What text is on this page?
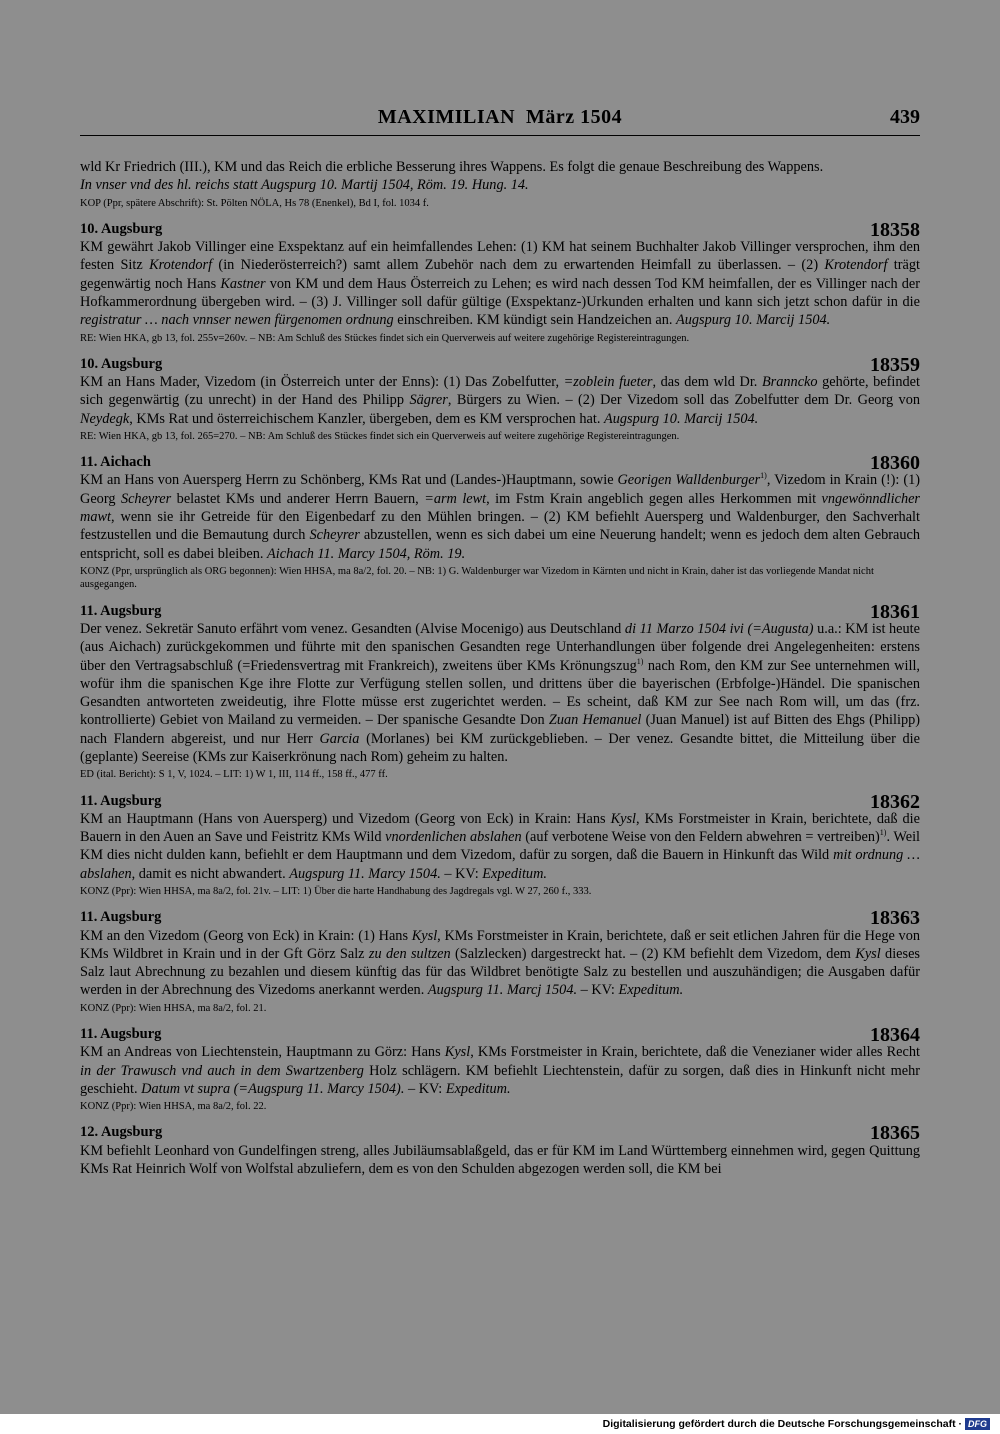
MAXIMILIAN  März 1504	439

wld Kr Friedrich (III.), KM und das Reich die erbliche Besserung ihres Wappens. Es folgt die genaue Beschreibung des Wappens.
In vnser vnd des hl. reichs statt Augspurg 10. Martij 1504, Röm. 19. Hung. 14.

KOP (Ppr, spätere Abschrift): St. Pölten NÖLA, Hs 78 (Enenkel), Bd I, fol. 1034 f.

10. Augsburg	18358

KM gewährt Jakob Villinger eine Exspektanz auf ein heimfallendes Lehen: (1) KM hat seinem Buchhalter Jakob Villinger versprochen, ihm den festen Sitz Krotendorf (in Niederösterreich?) samt allem Zubehör nach dem zu erwartenden Heimfall zu überlassen. – (2) Krotendorf trägt gegenwärtig noch Hans Kastner von KM und dem Haus Österreich zu Lehen; es wird nach dessen Tod KM heimfallen, der es Villinger nach der Hofkammerordnung übergeben wird. – (3) J. Villinger soll dafür gültige (Exspektanz-)Urkunden erhalten und kann sich jetzt schon dafür in die registratur … nach vnnser newen fürgenomen ordnung einschreiben. KM kündigt sein Handzeichen an. Augspurg 10. Marcij 1504.

RE: Wien HKA, gb 13, fol. 255v=260v. – NB: Am Schluß des Stückes findet sich ein Querverweis auf weitere zugehörige Registereintragungen.

10. Augsburg	18359

KM an Hans Mader, Vizedom (in Österreich unter der Enns): (1) Das Zobelfutter, =zoblein fueter, das dem wld Dr. Branncko gehörte, befindet sich gegenwärtig (zu unrecht) in der Hand des Philipp Sägrer, Bürgers zu Wien. – (2) Der Vizedom soll das Zobelfutter dem Dr. Georg von Neydegk, KMs Rat und österreichischem Kanzler, übergeben, dem es KM versprochen hat. Augspurg 10. Marcij 1504.

RE: Wien HKA, gb 13, fol. 265=270. – NB: Am Schluß des Stückes findet sich ein Querverweis auf weitere zugehörige Registereintragungen.

11. Aichach	18360

KM an Hans von Auersperg Herrn zu Schönberg, KMs Rat und (Landes-)Hauptmann, sowie Georigen Walldenburger$^{1)}$, Vizedom in Krain (!): (1) Georg Scheyrer belastet KMs und anderer Herrn Bauern, =arm lewt, im Fstm Krain angeblich gegen alles Herkommen mit vngewönndlicher mawt, wenn sie ihr Getreide für den Eigenbedarf zu den Mühlen bringen. – (2) KM befiehlt Auersperg und Waldenburger, den Sachverhalt festzustellen und die Bemautung durch Scheyrer abzustellen, wenn es sich dabei um eine Neuerung handelt; wenn es jedoch dem alten Gebrauch entspricht, soll es dabei bleiben. Aichach 11. Marcy 1504, Röm. 19.

KONZ (Ppr, ursprünglich als ORG begonnen): Wien HHSA, ma 8a/2, fol. 20. – NB: 1) G. Waldenburger war Vizedom in Kärnten und nicht in Krain, daher ist das vorliegende Mandat nicht ausgegangen.

11. Augsburg	18361

Der venez. Sekretär Sanuto erfährt vom venez. Gesandten (Alvise Mocenigo) aus Deutschland di 11 Marzo 1504 ivi (=Augusta) u.a.: KM ist heute (aus Aichach) zurückgekommen und führte mit den spanischen Gesandten rege Unterhandlungen über folgende drei Angelegenheiten: erstens über den Vertragsabschluß (=Friedensvertrag mit Frankreich), zweitens über KMs Krönungszug$^{1)}$ nach Rom, den KM zur See unternehmen will, wofür ihm die spanischen Kge ihre Flotte zur Verfügung stellen sollen, und drittens über die bayerischen (Erbfolge-)Händel. Die spanischen Gesandten antworteten zweideutig, ihre Flotte müsse erst zugerichtet werden. – Es scheint, daß KM zur See nach Rom will, um das (frz. kontrollierte) Gebiet von Mailand zu vermeiden. – Der spanische Gesandte Don Zuan Hemanuel (Juan Manuel) ist auf Bitten des Ehgs (Philipp) nach Flandern abgereist, und nur Herr Garcia (Morlanes) bei KM zurückgeblieben. – Der venez. Gesandte bittet, die Mitteilung über die (geplante) Seereise (KMs zur Kaiserkrönung nach Rom) geheim zu halten.

ED (ital. Bericht): S 1, V, 1024. – LIT: 1) W 1, III, 114 ff., 158 ff., 477 ff.

11. Augsburg	18362

KM an Hauptmann (Hans von Auersperg) und Vizedom (Georg von Eck) in Krain: Hans Kysl, KMs Forstmeister in Krain, berichtete, daß die Bauern in den Auen an Save und Feistritz KMs Wild vnordenlichen abslahen (auf verbotene Weise von den Feldern abwehren = vertreiben)$^{1)}$. Weil KM dies nicht dulden kann, befiehlt er dem Hauptmann und dem Vizedom, dafür zu sorgen, daß die Bauern in Hinkunft das Wild mit ordnung … abslahen, damit es nicht abwandert. Augspurg 11. Marcy 1504. – KV: Expeditum.

KONZ (Ppr): Wien HHSA, ma 8a/2, fol. 21v. – LIT: 1) Über die harte Handhabung des Jagdregals vgl. W 27, 260 f., 333.

11. Augsburg	18363

KM an den Vizedom (Georg von Eck) in Krain: (1) Hans Kysl, KMs Forstmeister in Krain, berichtete, daß er seit etlichen Jahren für die Hege von KMs Wildbret in Krain und in der Gft Görz Salz zu den sultzen (Salzlecken) dargestreckt hat. – (2) KM befiehlt dem Vizedom, dem Kysl dieses Salz laut Abrechnung zu bezahlen und diesem künftig das für das Wildbret benötigte Salz zu bestellen und auszuhändigen; die Ausgaben dafür werden in der Abrechnung des Vizedoms anerkannt werden. Augspurg 11. Marcj 1504. – KV: Expeditum.

KONZ (Ppr): Wien HHSA, ma 8a/2, fol. 21.

11. Augsburg	18364

KM an Andreas von Liechtenstein, Hauptmann zu Görz: Hans Kysl, KMs Forstmeister in Krain, berichtete, daß die Venezianer wider alles Recht in der Trawusch vnd auch in dem Swartzenberg Holz schlägern. KM befiehlt Liechtenstein, dafür zu sorgen, daß dies in Hinkunft nicht mehr geschieht. Datum vt supra (=Augspurg 11. Marcy 1504). – KV: Expeditum.

KONZ (Ppr): Wien HHSA, ma 8a/2, fol. 22.

12. Augsburg	18365

KM befiehlt Leonhard von Gundelfingen streng, alles Jubiläumsablaßgeld, das er für KM im Land Württemberg einnehmen wird, gegen Quittung KMs Rat Heinrich Wolf von Wolfstal abzuliefern, dem es von den Schulden abgezogen werden soll, die KM bei

Digitalisierung gefördert durch die Deutsche Forschungsgemeinschaft · DFG
